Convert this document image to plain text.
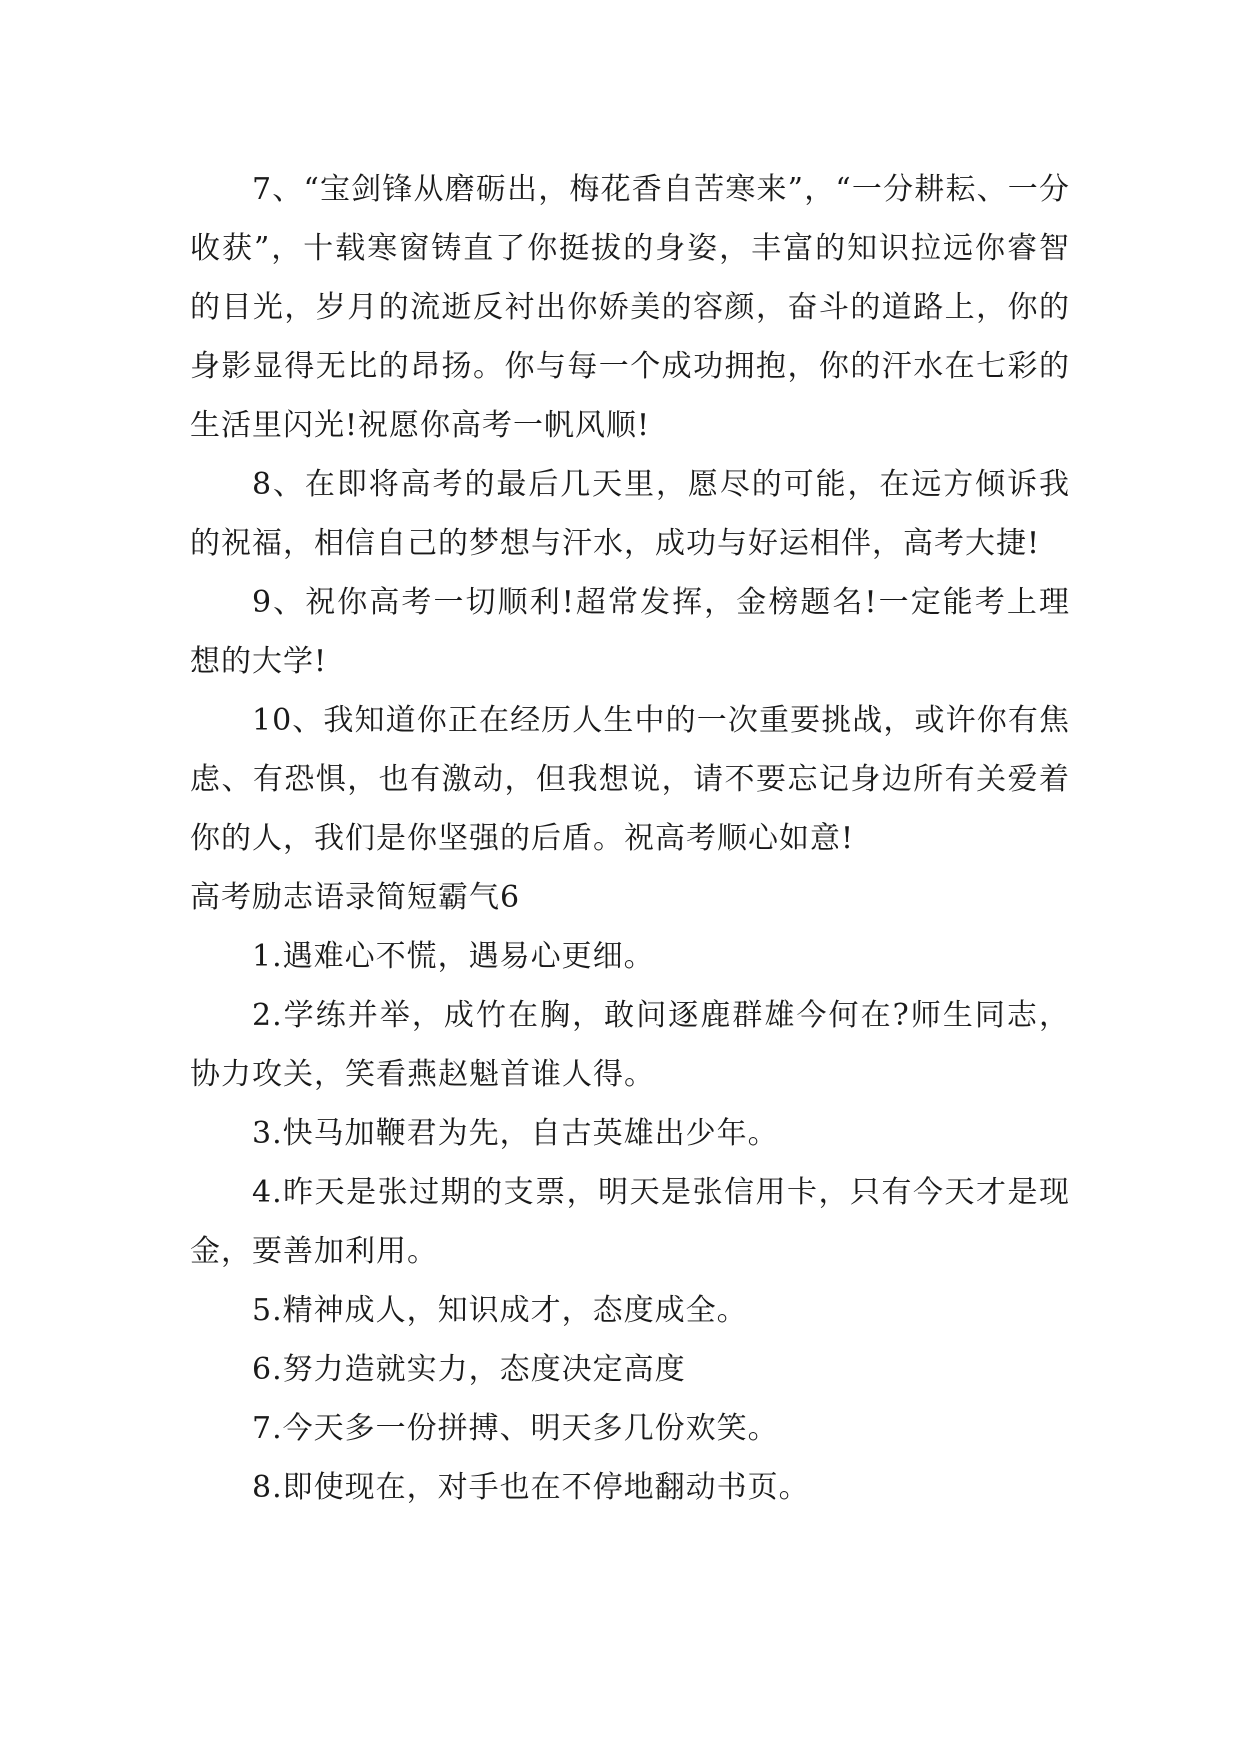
7、“宝剑锋从磨砺出，梅花香自苦寒来”，“一分耕耘、一分收获”，十载寒窗铸直了你挺拔的身姿，丰富的知识拉远你睿智的目光，岁月的流逝反衬出你娇美的容颜，奋斗的道路上，你的身影显得无比的昂扬。你与每一个成功拥抱，你的汗水在七彩的生活里闪光!祝愿你高考一帆风顺!

8、在即将高考的最后几天里，愿尽的可能，在远方倾诉我的祝福，相信自己的梦想与汗水，成功与好运相伴，高考大捷!

9、祝你高考一切顺利!超常发挥，金榜题名!一定能考上理想的大学!

10、我知道你正在经历人生中的一次重要挑战，或许你有焦虑、有恐惧，也有激动，但我想说，请不要忘记身边所有关爱着你的人，我们是你坚强的后盾。祝高考顺心如意!

高考励志语录简短霸气6

1.遇难心不慌，遇易心更细。

2.学练并举，成竹在胸，敢问逐鹿群雄今何在?师生同志，协力攻关，笑看燕赵魁首谁人得。

3.快马加鞭君为先，自古英雄出少年。

4.昨天是张过期的支票，明天是张信用卡，只有今天才是现金，要善加利用。

5.精神成人，知识成才，态度成全。

6.努力造就实力，态度决定高度

7.今天多一份拼搏、明天多几份欢笑。

8.即使现在，对手也在不停地翻动书页。
